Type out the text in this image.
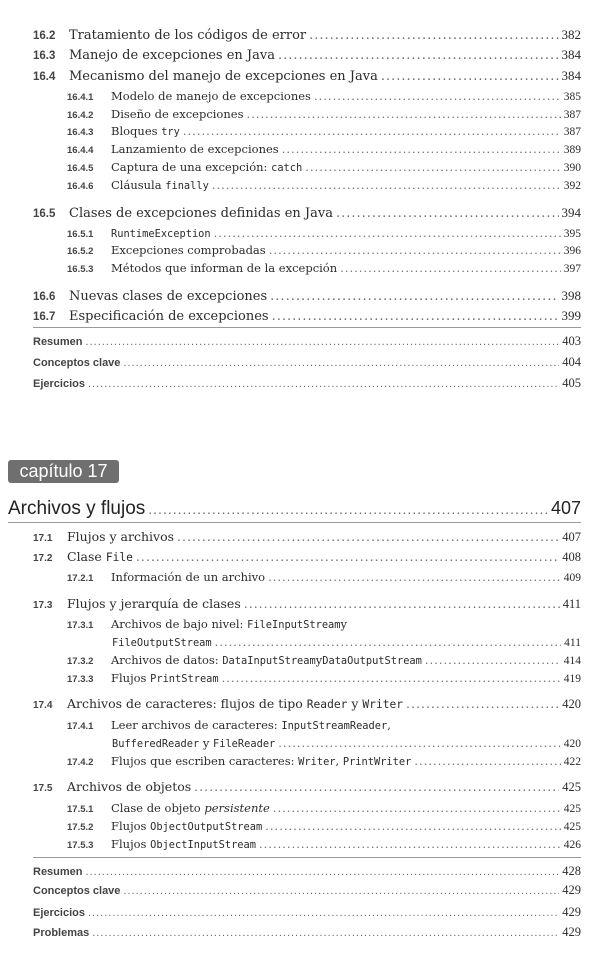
16.2	Tratamiento de los códigos de error .....	382
16.3	Manejo de excepciones en Java .....	384
16.4	Mecanismo del manejo de excepciones en Java .....	384
16.4.1	Modelo de manejo de excepciones .....	385
16.4.2	Diseño de excepciones .....	387
16.4.3	Bloques try .....	387
16.4.4	Lanzamiento de excepciones .....	389
16.4.5	Captura de una excepción: catch .....	390
16.4.6	Cláusula finally .....	392
16.5	Clases de excepciones definidas en Java .....	394
16.5.1	RuntimeException .....	395
16.5.2	Excepciones comprobadas .....	396
16.5.3	Métodos que informan de la excepción .....	397
16.6	Nuevas clases de excepciones .....	398
16.7	Especificación de excepciones .....	399
Resumen .....	403
Conceptos clave .....	404
Ejercicios .....	405
capítulo 17
Archivos y flujos .....	407
17.1	Flujos y archivos .....	407
17.2	Clase File .....	408
17.2.1	Información de un archivo .....	409
17.3	Flujos y jerarquía de clases .....	411
17.3.1	Archivos de bajo nivel: FileInputStreamy
FileOutputStream .....	411
17.3.2	Archivos de datos: DataInputStreamyDataOutputStream .....	414
17.3.3	Flujos PrintStream .....	419
17.4	Archivos de caracteres: flujos de tipo Reader y Writer .....	420
17.4.1	Leer archivos de caracteres: InputStreamReader,
BufferedReader y FileReader .....	420
17.4.2	Flujos que escriben caracteres: Writer, PrintWriter .....	422
17.5	Archivos de objetos .....	425
17.5.1	Clase de objeto persistente .....	425
17.5.2	Flujos ObjectOutputStream .....	425
17.5.3	Flujos ObjectInputStream .....	426
Resumen .....	428
Conceptos clave .....	429
Ejercicios .....	429
Problemas .....	429
